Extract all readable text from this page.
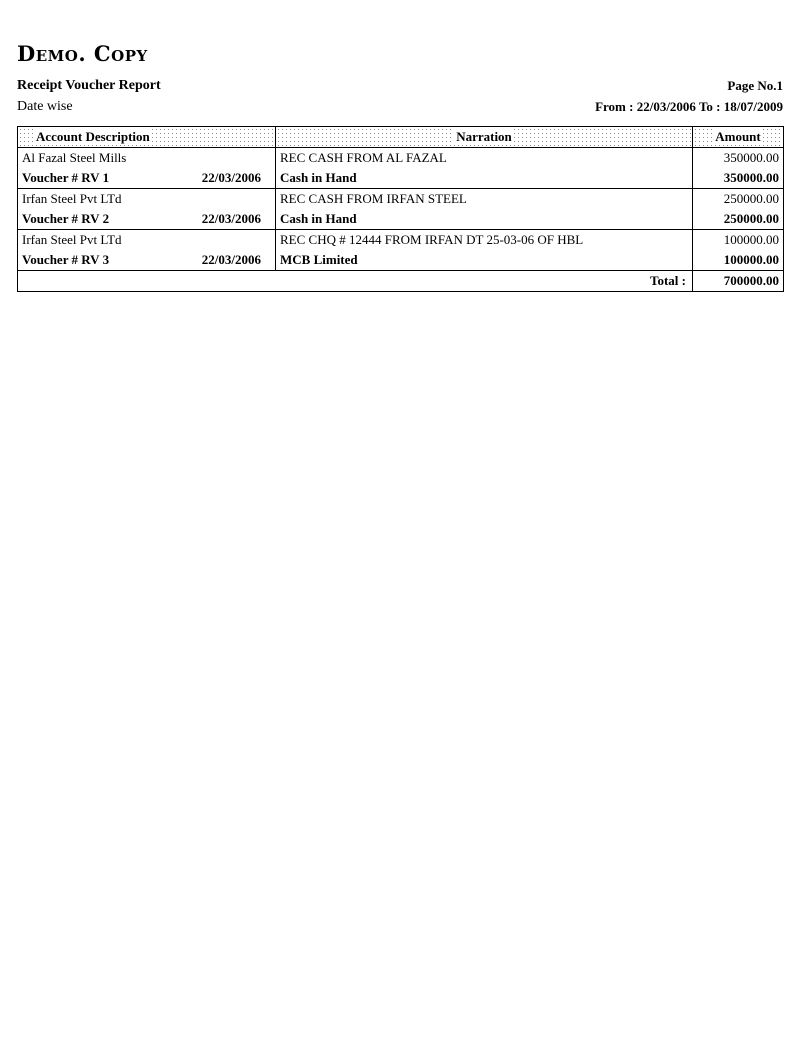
Demo. Copy
Receipt Voucher Report	Page No.1
Date wise	From : 22/03/2006 To : 18/07/2009
Account Description	Narration	Amount
Al Fazal Steel Mills	REC CASH FROM AL FAZAL	350000.00

Voucher # RV 1 22/03/2006	Cash in Hand	350000.00
Irfan Steel Pvt LTd	REC CASH FROM IRFAN STEEL	250000.00

Voucher # RV 2 22/03/2006	Cash in Hand	250000.00
Irfan Steel Pvt LTd	REC CHQ # 12444 FROM IRFAN DT 25-03-06 OF HBL	100000.00

Voucher # RV 3 22/03/2006	MCB Limited	100000.00
Total :		700000.00
